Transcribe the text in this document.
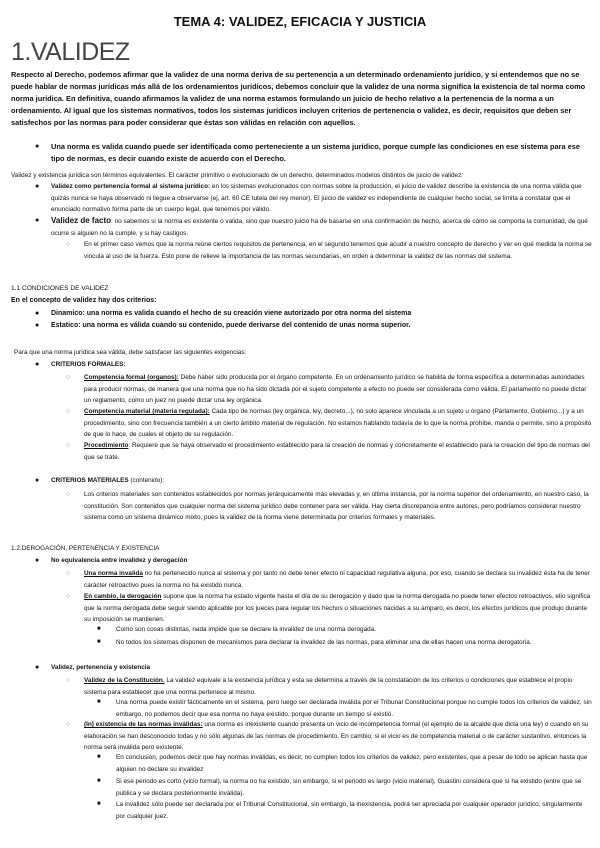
TEMA 4: VALIDEZ, EFICACIA Y JUSTICIA
1.VALIDEZ
Respecto al Derecho, podemos afirmar que la validez de una norma deriva de su pertenencia a un determinado ordenamiento jurídico, y si entendemos que no se puede hablar de normas jurídicas más allá de los ordenamientos jurídicos, debemos concluir que la validez de una norma significa la existencia de tal norma como norma jurídica. En definitiva, cuando afirmamos la validez de una norma estamos formulando un juicio de hecho relativo a la pertenencia de la norma a un ordenamiento. Al igual que los sistemas normativos, todos los sistemas jurídicos incluyen criterios de pertenencia o validez, es decir, requisitos que deben ser satisfechos por las normas para poder considerar que éstas son válidas en relación con aquellos.
●
Una norma es valida cuando puede ser identificada como perteneciente a un sistema jurídico, porque cumple las condiciones en ese sistema para ese tipo de normas, es decir cuando existe de acuerdo con el Derecho.
Validez y existencia jurídica son términos equivalentes. El carácter primitivo o evolucionado de un derecho, determinados modelos distintos de juicio de validez:
●
Validez como pertenencia formal al sistema jurídico: en los sistemas evolucionados con normas sobre la producción, el juicio de validez describe la existencia de una norma válida que quizás nunca se haya observado ni llegue a observarse (ej, art. 60 CE tutela del rey menor). El juicio de validez es independiente de cualquier hecho social, se limita a constatar que el enunciado normativo forma parte de un cuerpo legal, que tenemos por válido.
●
Validez de facto: no sabemos si la norma es existente o valida, sino que nuestro juicio ha de basarse en una confirmación de hecho, acerca de cómo se comporta la comunidad, de qué ocurre si alguien no la cumple, y si hay castigos.
○
En el primer caso vemos que la norma reúne ciertos requisitos de pertenencia, en el segundo tenemos que acudir a nuestro concepto de derecho y ver en qué medida la norma se vincula al uso de la fuerza. Esto pone de relieve la importancia de las normas secundarias, en orden a determinar la validez de las normas del sistema.
1.1 CONDICIONES DE VALIDEZ
En el concepto de validez hay dos criterios:
●
Dinamico: una norma es valida cuando el hecho de su creación viene autorizado por otra norma del sistema
●
Estatico: una norma es válida cuando su contenido, puede derivarse del contenido de unas norma superior.
Para que una norma jurídica sea válida, debe satisfacer las siguientes exigencias:
●
CRITERIOS FORMALES:
○
Competencia formal (organos): Debe haber sido producida por el órgano competente. En un ordenamiento jurídico se habilita de forma específica a determinadas autoridades para producir normas, de manera que una norma que no ha sido dictada por el sujeto competente a efecto no puede ser considerada como válida. El parlamento no puede dictar un reglamento, como un juez no puede dictar una ley orgánica.
○
Competencia material (materia regulada): Cada tipo de normas (ley orgánica, ley, decreto...), no solo aparece vinculada a un sujeto u órgano (Parlamento, Gobierno...) y a un procedimiento, sino con frecuencia también a un cierto ámbito material de regulación. No estamos hablando todavía de lo que la norma prohíbe, manda o permite, sino a propósito de que lo hace, de cuales el objeto de su regulación.
○
Procedimiento: Requiere que se haya observado el procedimiento establecido para la creación de normas y concretamente el establecido para la creación del tipo de normas del que se trate.
●
CRITERIOS MATERIALES (contenido):
○
Los criterios materiales son contenidos establecidos por normas jerárquicamente más elevadas y, en última instancia, por la norma superior del ordenamiento, en nuestro caso, la constitución. Son contenidos que cualquier norma del sistema jurídico debe contener para ser válida. Hay cierta discrepancia entre autores, pero podríamos considerar nuestro sistema como un sistema dinámico mixto, pues la validez de la norma viene determinada por criterios formales y materiales.
1.2.DEROGACIÓN, PERTENENCIA Y EXISTENCIA
●
No equivalencia entre invalidez y derogación
○
Una norma invalida no ha pertenecido nunca al sistema y por tanto no debe tener efecto ni capacidad regulativa alguna, por eso, cuando se declara su invalidez ésta ha de tener carácter retroactivo pues la norma no ha existido nunca.
○
En cambio, la derogación supone que la norma ha estado vigente hasta el día de su derogación y dado que la norma derogada no puede tener efectos retroactivos, ello significa que la norma derogada debe seguir siendo aplicable por los jueces para regular los hechos o situaciones nacidas a su amparo, es decir, los efectos jurídicos que produjo durante su imposición se mantienen.
■
Como son cosas distintas, nada impide que se declare la invalidez de una norma derogada.
■
No todos los sistemas disponen de mecanismos para declarar la invalidez de las normas, para eliminar una de ellas hacen una norma derogatoria.
●
Validez, pertenencia y existencia
○
Validez de la Constitución. La validez equivale a la existencia jurídica y esta se determina a través de la constatación de los criterios o condiciones que establece el propio sistema para establecer que una norma pertenece al mismo.
■
Una norma puede existir fácticamente en el sistema, pero luego ser declarada inválida por el Tribunal Constitucional porque no cumple todos los criterios de validez, sin embargo, no podemos decir que esa norma no haya existido, porque durante un tiempo sí existió.
○
(In) existencia de las normas inválidas: una norma es inexistente cuando presenta un vicio de incompetencia formal (el ejemplo de la alcalde que dicta una ley) o cuando en su elaboración se han desconocido todas y no sólo algunas de las normas de procedimiento. En cambio, si el vicio es de competencia material o de carácter sustantivo, entonces la norma será inválida pero existente.
■
En conclusión, podemos decir que hay normas inválidas, es decir, no cumplen todos los criterios de validez, pero existentes, que a pesar de todo se aplican hasta que alguien no declare su invalidez
■
Si ese periodo es corto (vicio formal), la norma no ha existido, sin embargo, si el periodo es largo (vicio material), Guastini considera que sí ha existido (entre que se publica y se declara posteriormente inválida).
■
La invalidez sólo puede ser declarada por el Tribunal Constitucional, sin embargo, la inexistencia, podrá ser apreciada por cualquier operador jurídico, singularmente por cualquier juez.
